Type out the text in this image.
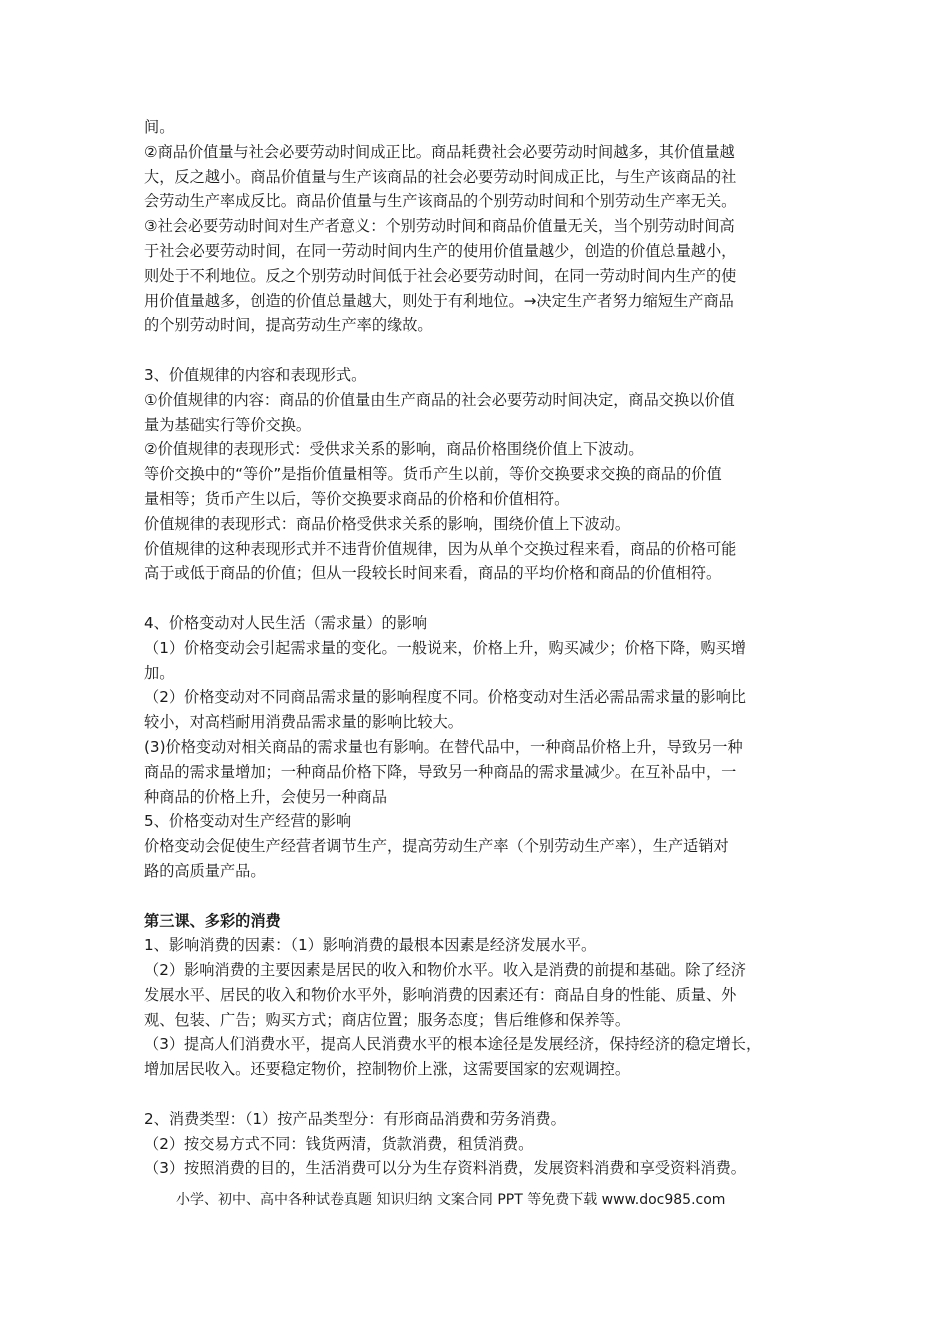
间。
②商品价值量与社会必要劳动时间成正比。商品耗费社会必要劳动时间越多，其价值量越
大，反之越小。商品价值量与生产该商品的社会必要劳动时间成正比，与生产该商品的社
会劳动生产率成反比。商品价值量与生产该商品的个别劳动时间和个别劳动生产率无关。
③社会必要劳动时间对生产者意义：个别劳动时间和商品价值量无关，当个别劳动时间高
于社会必要劳动时间，在同一劳动时间内生产的使用价值量越少，创造的价值总量越小，
则处于不利地位。反之个别劳动时间低于社会必要劳动时间，在同一劳动时间内生产的使
用价值量越多，创造的价值总量越大，则处于有利地位。→决定生产者努力缩短生产商品
的个别劳动时间，提高劳动生产率的缘故。
3、价值规律的内容和表现形式。
①价值规律的内容：商品的价值量由生产商品的社会必要劳动时间决定，商品交换以价值
量为基础实行等价交换。
②价值规律的表现形式：受供求关系的影响，商品价格围绕价值上下波动。
等价交换中的“等价”是指价值量相等。货币产生以前，等价交换要求交换的商品的价值
量相等；货币产生以后，等价交换要求商品的价格和价值相符。
价值规律的表现形式：商品价格受供求关系的影响，围绕价值上下波动。
价值规律的这种表现形式并不违背价值规律，因为从单个交换过程来看，商品的价格可能
高于或低于商品的价值；但从一段较长时间来看，商品的平均价格和商品的价值相符。
4、价格变动对人民生活（需求量）的影响
（1）价格变动会引起需求量的变化。一般说来，价格上升，购买减少；价格下降，购买增
加。
（2）价格变动对不同商品需求量的影响程度不同。价格变动对生活必需品需求量的影响比
较小，对高档耐用消费品需求量的影响比较大。
(3)价格变动对相关商品的需求量也有影响。在替代品中，一种商品价格上升，导致另一种
商品的需求量增加；一种商品价格下降，导致另一种商品的需求量减少。在互补品中，一
种商品的价格上升，会使另一种商品
5、价格变动对生产经营的影响
价格变动会促使生产经营者调节生产，提高劳动生产率（个别劳动生产率），生产适销对
路的高质量产品。
第三课、多彩的消费
1、影响消费的因素：（1）影响消费的最根本因素是经济发展水平。
（2）影响消费的主要因素是居民的收入和物价水平。收入是消费的前提和基础。除了经济
发展水平、居民的收入和物价水平外，影响消费的因素还有：商品自身的性能、质量、外
观、包装、广告；购买方式；商店位置；服务态度；售后维修和保养等。
（3）提高人们消费水平，提高人民消费水平的根本途径是发展经济，保持经济的稳定增长，
增加居民收入。还要稳定物价，控制物价上涨，这需要国家的宏观调控。
2、消费类型：（1）按产品类型分：有形商品消费和劳务消费。
（2）按交易方式不同：钱货两清，货款消费，租赁消费。
（3）按照消费的目的，生活消费可以分为生存资料消费，发展资料消费和享受资料消费。
小学、初中、高中各种试卷真题 知识归纳 文案合同 PPT 等免费下载 www.doc985.com
